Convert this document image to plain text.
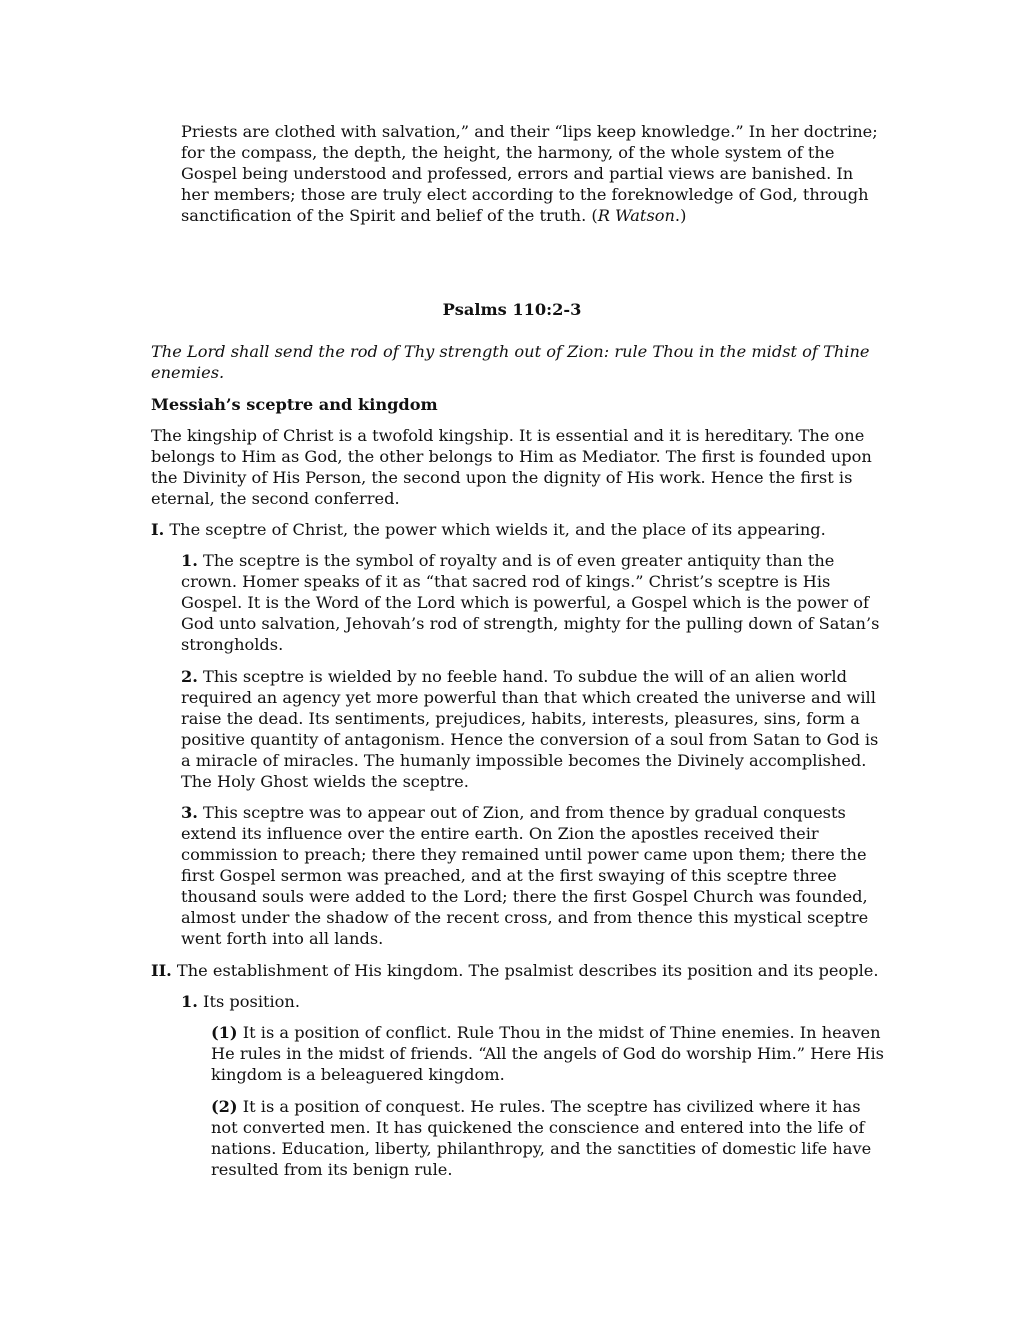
Priests are clothed with salvation,” and their “lips keep knowledge.” In her doctrine; for the compass, the depth, the height, the harmony, of the whole system of the Gospel being understood and professed, errors and partial views are banished. In her members; those are truly elect according to the foreknowledge of God, through sanctification of the Spirit and belief of the truth. (R Watson.)

Psalms 110:2-3

The Lord shall send the rod of Thy strength out of Zion: rule Thou in the midst of Thine enemies.

Messiah’s sceptre and kingdom

The kingship of Christ is a twofold kingship. It is essential and it is hereditary. The one belongs to Him as God, the other belongs to Him as Mediator. The first is founded upon the Divinity of His Person, the second upon the dignity of His work. Hence the first is eternal, the second conferred.

I. The sceptre of Christ, the power which wields it, and the place of its appearing.

1. The sceptre is the symbol of royalty and is of even greater antiquity than the crown. Homer speaks of it as “that sacred rod of kings.” Christ’s sceptre is His Gospel. It is the Word of the Lord which is powerful, a Gospel which is the power of God unto salvation, Jehovah’s rod of strength, mighty for the pulling down of Satan’s strongholds.

2. This sceptre is wielded by no feeble hand. To subdue the will of an alien world required an agency yet more powerful than that which created the universe and will raise the dead. Its sentiments, prejudices, habits, interests, pleasures, sins, form a positive quantity of antagonism. Hence the conversion of a soul from Satan to God is a miracle of miracles. The humanly impossible becomes the Divinely accomplished. The Holy Ghost wields the sceptre.

3. This sceptre was to appear out of Zion, and from thence by gradual conquests extend its influence over the entire earth. On Zion the apostles received their commission to preach; there they remained until power came upon them; there the first Gospel sermon was preached, and at the first swaying of this sceptre three thousand souls were added to the Lord; there the first Gospel Church was founded, almost under the shadow of the recent cross, and from thence this mystical sceptre went forth into all lands.

II. The establishment of His kingdom. The psalmist describes its position and its people.

1. Its position.

(1) It is a position of conflict. Rule Thou in the midst of Thine enemies. In heaven He rules in the midst of friends. “All the angels of God do worship Him.” Here His kingdom is a beleaguered kingdom.

(2) It is a position of conquest. He rules. The sceptre has civilized where it has not converted men. It has quickened the conscience and entered into the life of nations. Education, liberty, philanthropy, and the sanctities of domestic life have resulted from its benign rule.
